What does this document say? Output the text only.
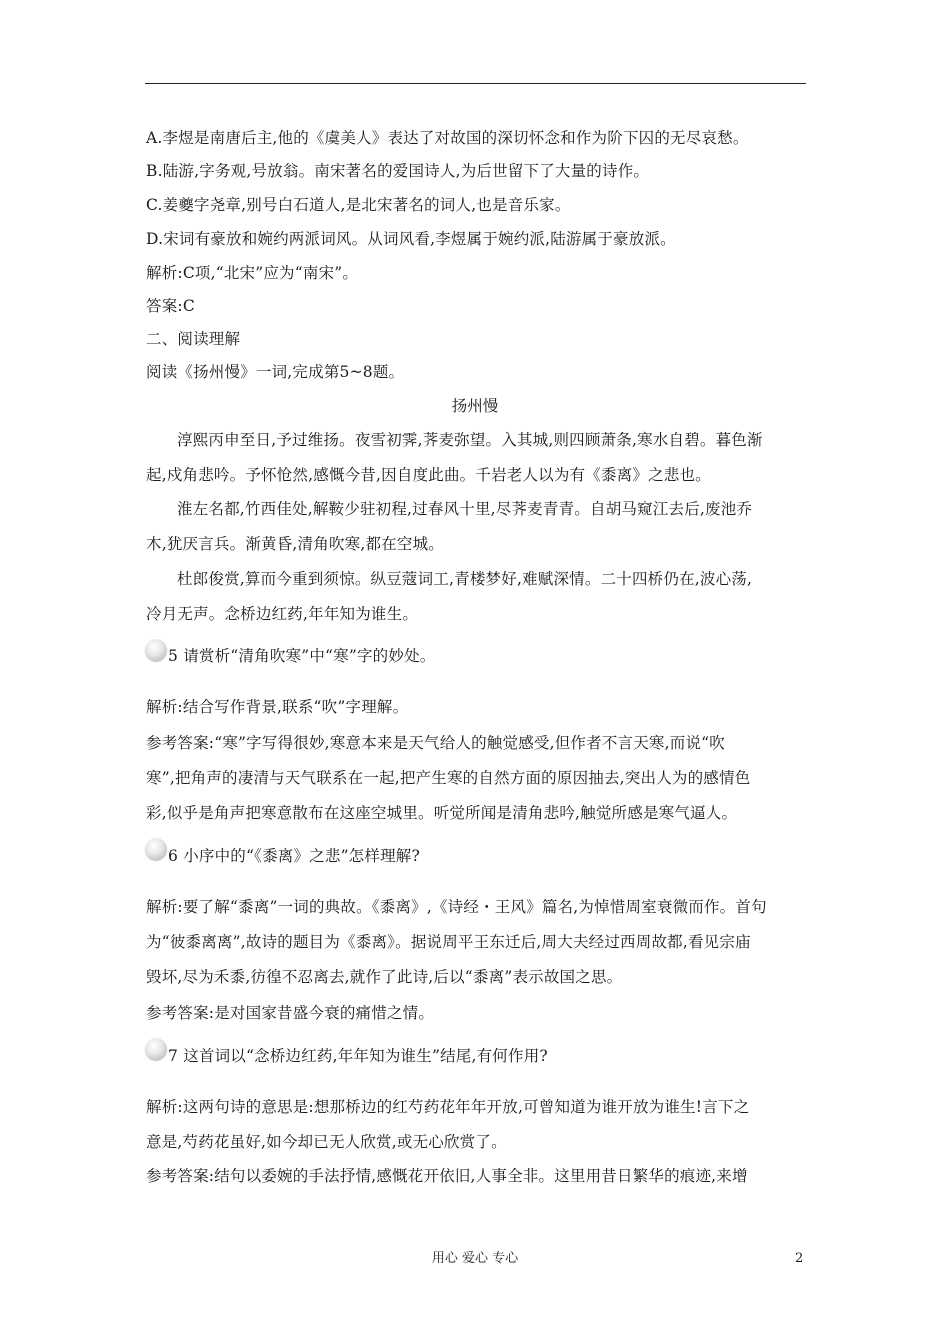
A.李煜是南唐后主,他的《虞美人》表达了对故国的深切怀念和作为阶下囚的无尽哀愁。
B.陆游,字务观,号放翁。南宋著名的爱国诗人,为后世留下了大量的诗作。
C.姜夔字尧章,别号白石道人,是北宋著名的词人,也是音乐家。
D.宋词有豪放和婉约两派词风。从词风看,李煜属于婉约派,陆游属于豪放派。
解析:C项,“北宋”应为“南宋”。
答案:C
二、阅读理解
阅读《扬州慢》一词,完成第5~8题。
扬州慢
淳熙丙申至日,予过维扬。夜雪初霁,荠麦弥望。入其城,则四顾萧条,寒水自碧。暮色渐
起,戍角悲吟。予怀怆然,感慨今昔,因自度此曲。千岩老人以为有《黍离》之悲也。
淮左名都,竹西佳处,解鞍少驻初程,过春风十里,尽荠麦青青。自胡马窥江去后,废池乔
木,犹厌言兵。渐黄昏,清角吹寒,都在空城。
杜郎俊赏,算而今重到须惊。纵豆蔻词工,青楼梦好,难赋深情。二十四桥仍在,波心荡,
冷月无声。念桥边红药,年年知为谁生。
5 请赏析“清角吹寒”中“寒”字的妙处。
解析:结合写作背景,联系“吹”字理解。
参考答案:“寒”字写得很妙,寒意本来是天气给人的触觉感受,但作者不言天寒,而说“吹
寒”,把角声的凄清与天气联系在一起,把产生寒的自然方面的原因抽去,突出人为的感情色
彩,似乎是角声把寒意散布在这座空城里。听觉所闻是清角悲吟,触觉所感是寒气逼人。
6 小序中的“《黍离》之悲”怎样理解?
解析:要了解“黍离”一词的典故。《黍离》,《诗经・王风》篇名,为悼惜周室衰微而作。首句
为“彼黍离离”,故诗的题目为《黍离》。据说周平王东迁后,周大夫经过西周故都,看见宗庙
毁坏,尽为禾黍,彷徨不忍离去,就作了此诗,后以“黍离”表示故国之思。
参考答案:是对国家昔盛今衰的痛惜之情。
7 这首词以“念桥边红药,年年知为谁生”结尾,有何作用?
解析:这两句诗的意思是:想那桥边的红芍药花年年开放,可曾知道为谁开放为谁生!言下之
意是,芍药花虽好,如今却已无人欣赏,或无心欣赏了。
参考答案:结句以委婉的手法抒情,感慨花开依旧,人事全非。这里用昔日繁华的痕迹,来增
用心 爱心 专心	2
